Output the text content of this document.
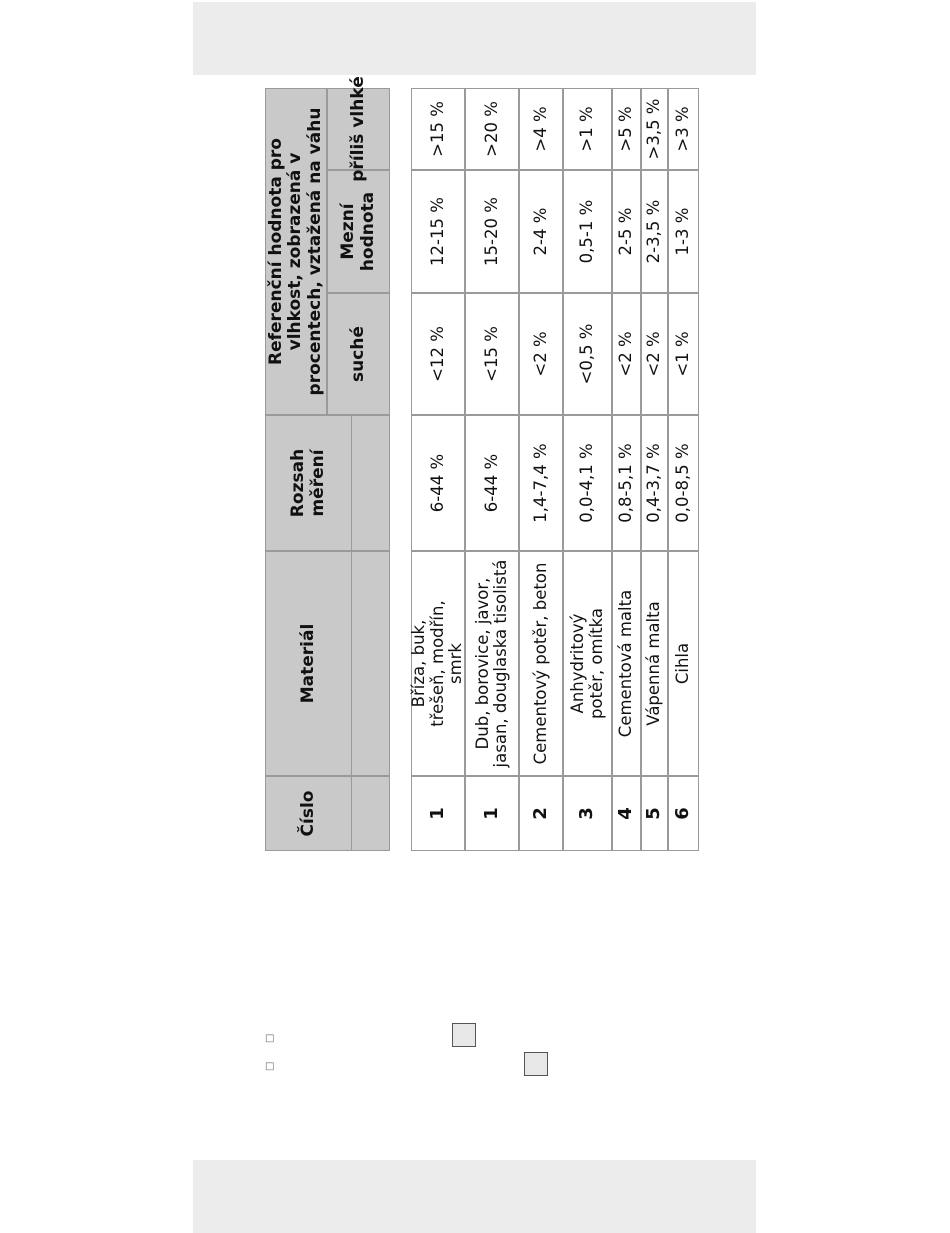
Číslo
Materiál
Rozsah měření
Referenční hodnota pro vlhkost, zobrazená v procentech, vztažená na váhu suché
Mezní hodnota
příliš vlhké
1
Bříza, buk, třešeň, modřín, smrk
6-44 %
<12 %
12-15 %
>15 %
1
Dub, borovice, javor, jasan, douglaska tisolistá
6-44 %
<15 %
15-20 %
>20 %
2
Cementový potěr, beton
1,4-7,4 %
<2 %
2-4 %
>4 %
3
Anhydritový potěr, omítka
0,0-4,1 %
<0,5 %
0,5-1 %
>1 %
4
Cementová malta
0,8-5,1 %
<2 %
2-5 %
>5 %
5
Vápenná malta
0,4-3,7 %
<2 %
2-3,5 %
>3,5 %
6
Cihla
0,0-8,5 %
<1 %
1-3 %
>3 %
□
□
